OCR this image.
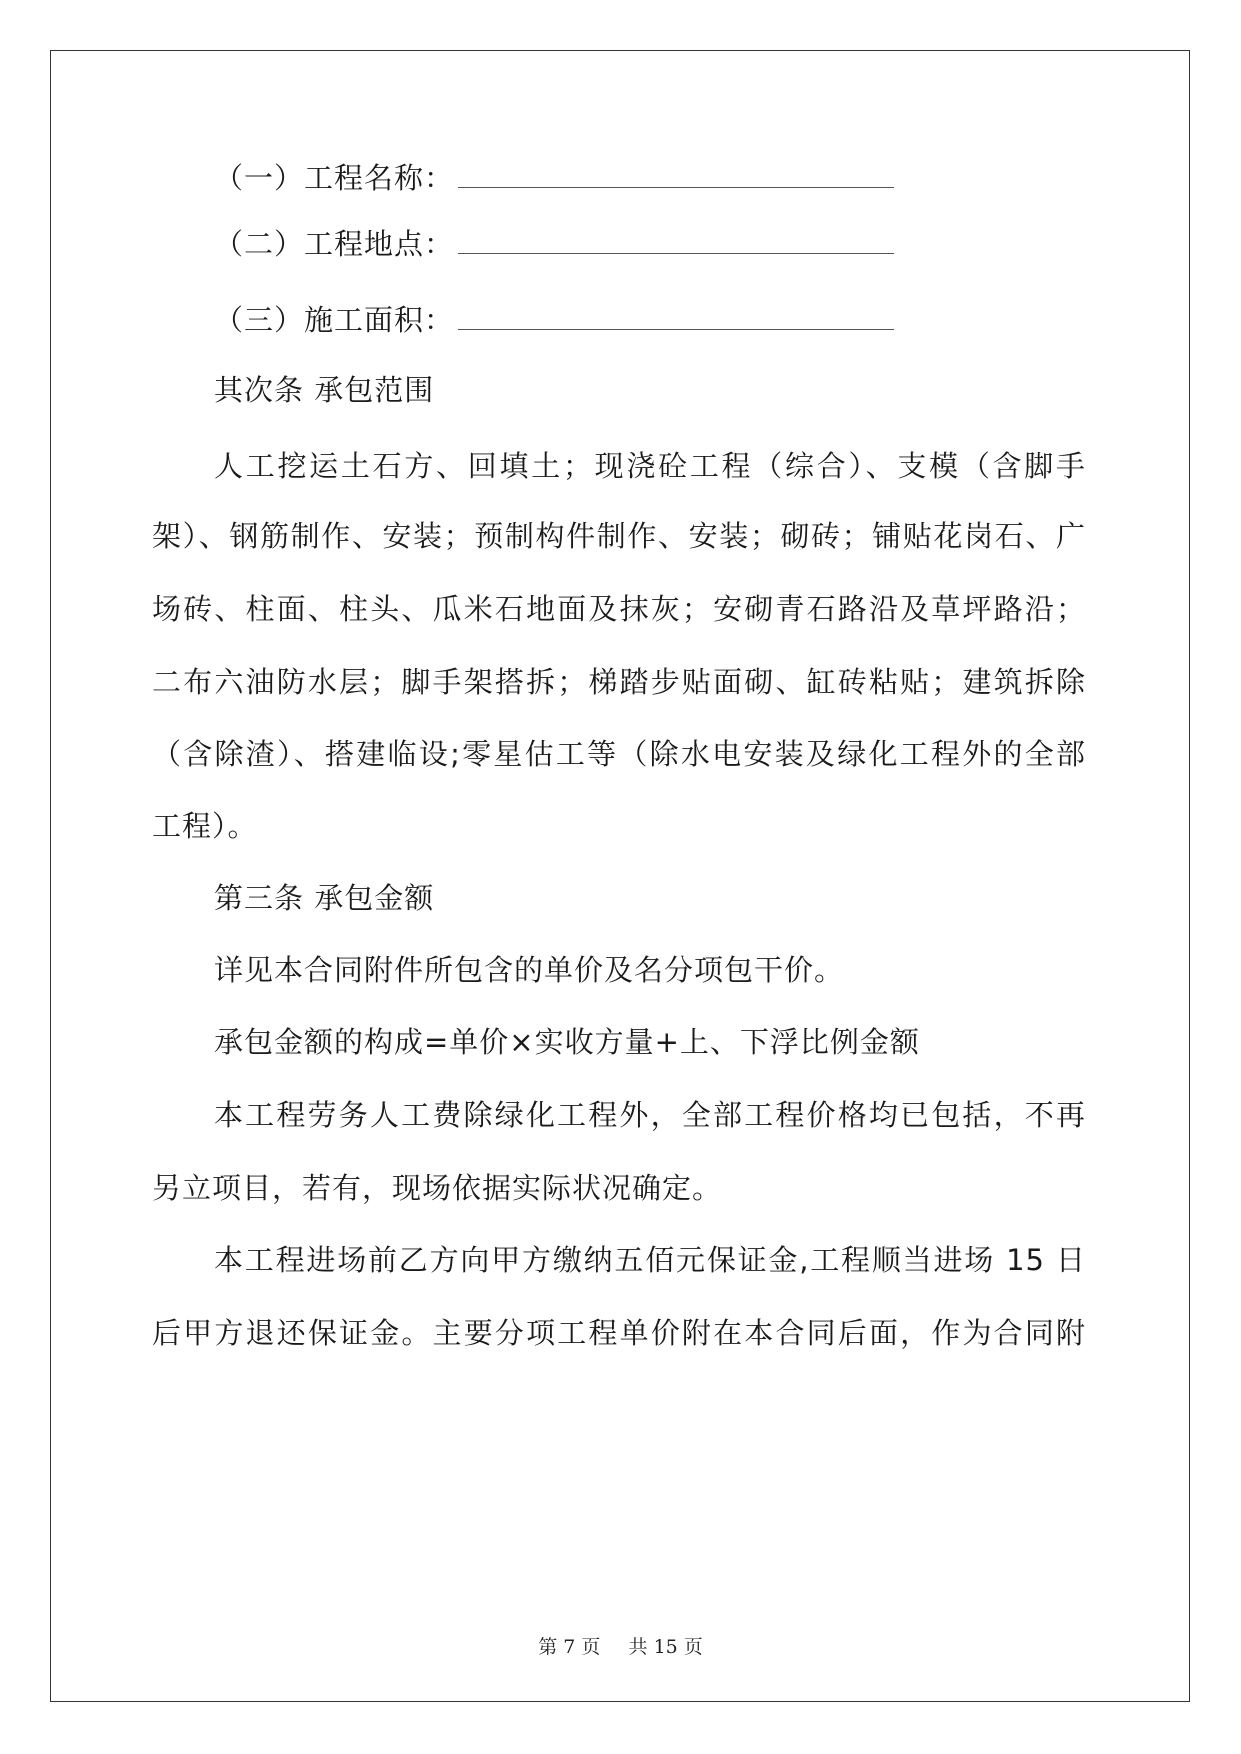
（一）工程名称：
（二）工程地点：
（三）施工面积：
其次条 承包范围
人工挖运土石方、回填土；现浇砼工程（综合）、支模（含脚手
架）、钢筋制作、安装；预制构件制作、安装；砌砖；铺贴花岗石、广
场砖、柱面、柱头、瓜米石地面及抹灰；安砌青石路沿及草坪路沿；
二布六油防水层；脚手架搭拆；梯踏步贴面砌、缸砖粘贴；建筑拆除
（含除渣）、搭建临设;零星估工等（除水电安装及绿化工程外的全部
工程）。
第三条 承包金额
详见本合同附件所包含的单价及名分项包干价。
承包金额的构成=单价×实收方量+上、下浮比例金额
本工程劳务人工费除绿化工程外，全部工程价格均已包括，不再
另立项目，若有，现场依据实际状况确定。
本工程进场前乙方向甲方缴纳五佰元保证金,工程顺当进场 15 日
后甲方退还保证金。主要分项工程单价附在本合同后面，作为合同附
第 7 页 共 15 页
